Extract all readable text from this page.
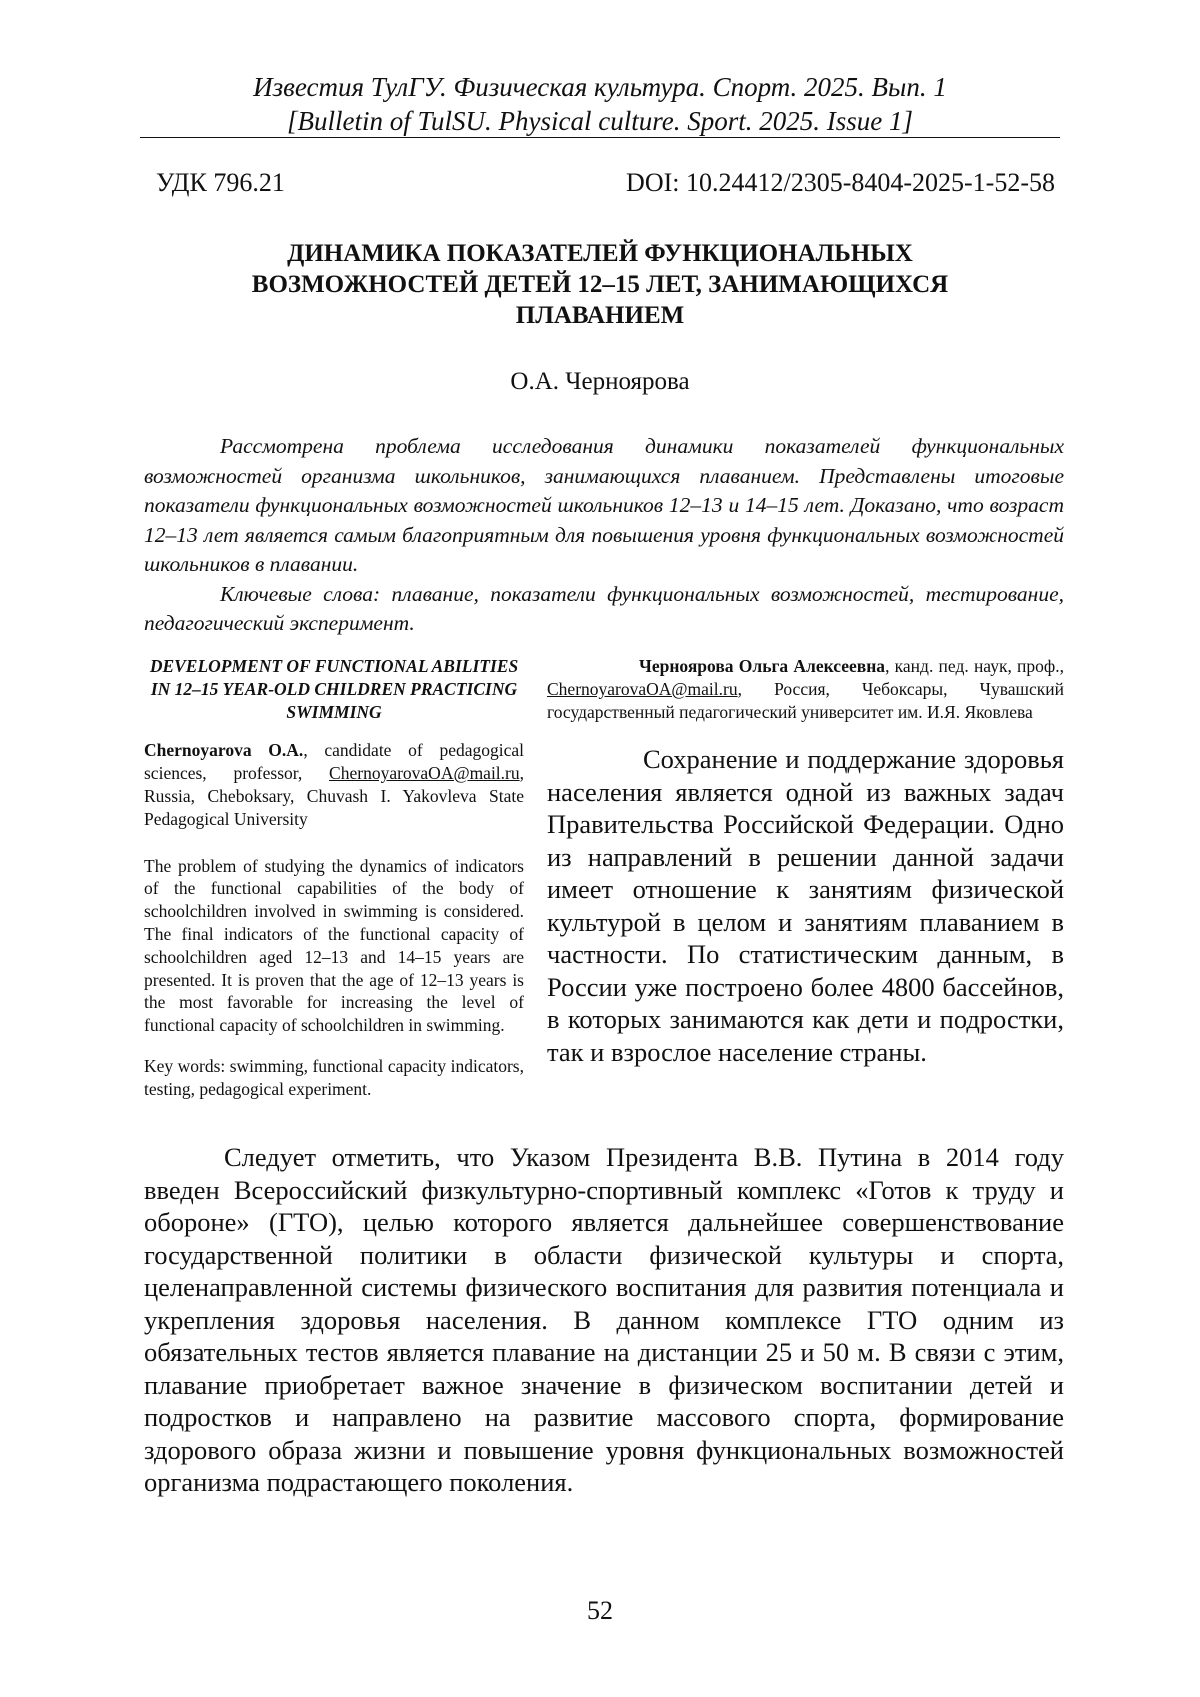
Известия ТулГУ. Физическая культура. Спорт. 2025. Вып. 1
[Bulletin of TulSU. Physical culture. Sport. 2025. Issue 1]
УДК 796.21	DOI: 10.24412/2305-8404-2025-1-52-58
ДИНАМИКА ПОКАЗАТЕЛЕЙ ФУНКЦИОНАЛЬНЫХ ВОЗМОЖНОСТЕЙ ДЕТЕЙ 12–15 ЛЕТ, ЗАНИМАЮЩИХСЯ ПЛАВАНИЕМ
О.А. Черноярова

Рассмотрена проблема исследования динамики показателей функциональных возможностей организма школьников, занимающихся плаванием. Представлены итоговые показатели функциональных возможностей школьников 12–13 и 14–15 лет. Доказано, что возраст 12–13 лет является самым благоприятным для повышения уровня функциональных возможностей школьников в плавании.

Ключевые слова: плавание, показатели функциональных возможностей, тестирование, педагогический эксперимент.

DEVELOPMENT OF FUNCTIONAL ABILITIES IN 12–15 YEAR-OLD CHILDREN PRACTICING SWIMMING

Chernoyarova O.A., candidate of pedagogical sciences, professor, ChernoyarovaOA@mail.ru, Russia, Cheboksary, Chuvash I. Yakovleva State Pedagogical University

The problem of studying the dynamics of indicators of the functional capabilities of the body of schoolchildren involved in swimming is considered. The final indicators of the functional capacity of schoolchildren aged 12–13 and 14–15 years are presented. It is proven that the age of 12–13 years is the most favorable for increasing the level of functional capacity of schoolchildren in swimming.

Key words: swimming, functional capacity indicators, testing, pedagogical experiment.

Черноярова Ольга Алексеевна, канд. пед. наук, проф., ChernoyarovaOA@mail.ru, Россия, Чебоксары, Чувашский государственный педагогический университет им. И.Я. Яковлева

Сохранение и поддержание здоровья населения является одной из важных задач Правительства Российской Федерации. Одно из направлений в решении данной задачи имеет отношение к занятиям физической культурой в целом и занятиям плаванием в частности. По статистическим данным, в России уже построено более 4800 бассейнов, в которых занимаются как дети и подростки, так и взрослое население страны.

Следует отметить, что Указом Президента В.В. Путина в 2014 году введен Всероссийский физкультурно-спортивный комплекс «Готов к труду и обороне» (ГТО), целью которого является дальнейшее совершенствование государственной политики в области физической культуры и спорта, целенаправленной системы физического воспитания для развития потенциала и укрепления здоровья населения. В данном комплексе ГТО одним из обязательных тестов является плавание на дистанции 25 и 50 м. В связи с этим, плавание приобретает важное значение в физическом воспитании детей и подростков и направлено на развитие массового спорта, формирование здорового образа жизни и повышение уровня функциональных возможностей организма подрастающего поколения.

52
